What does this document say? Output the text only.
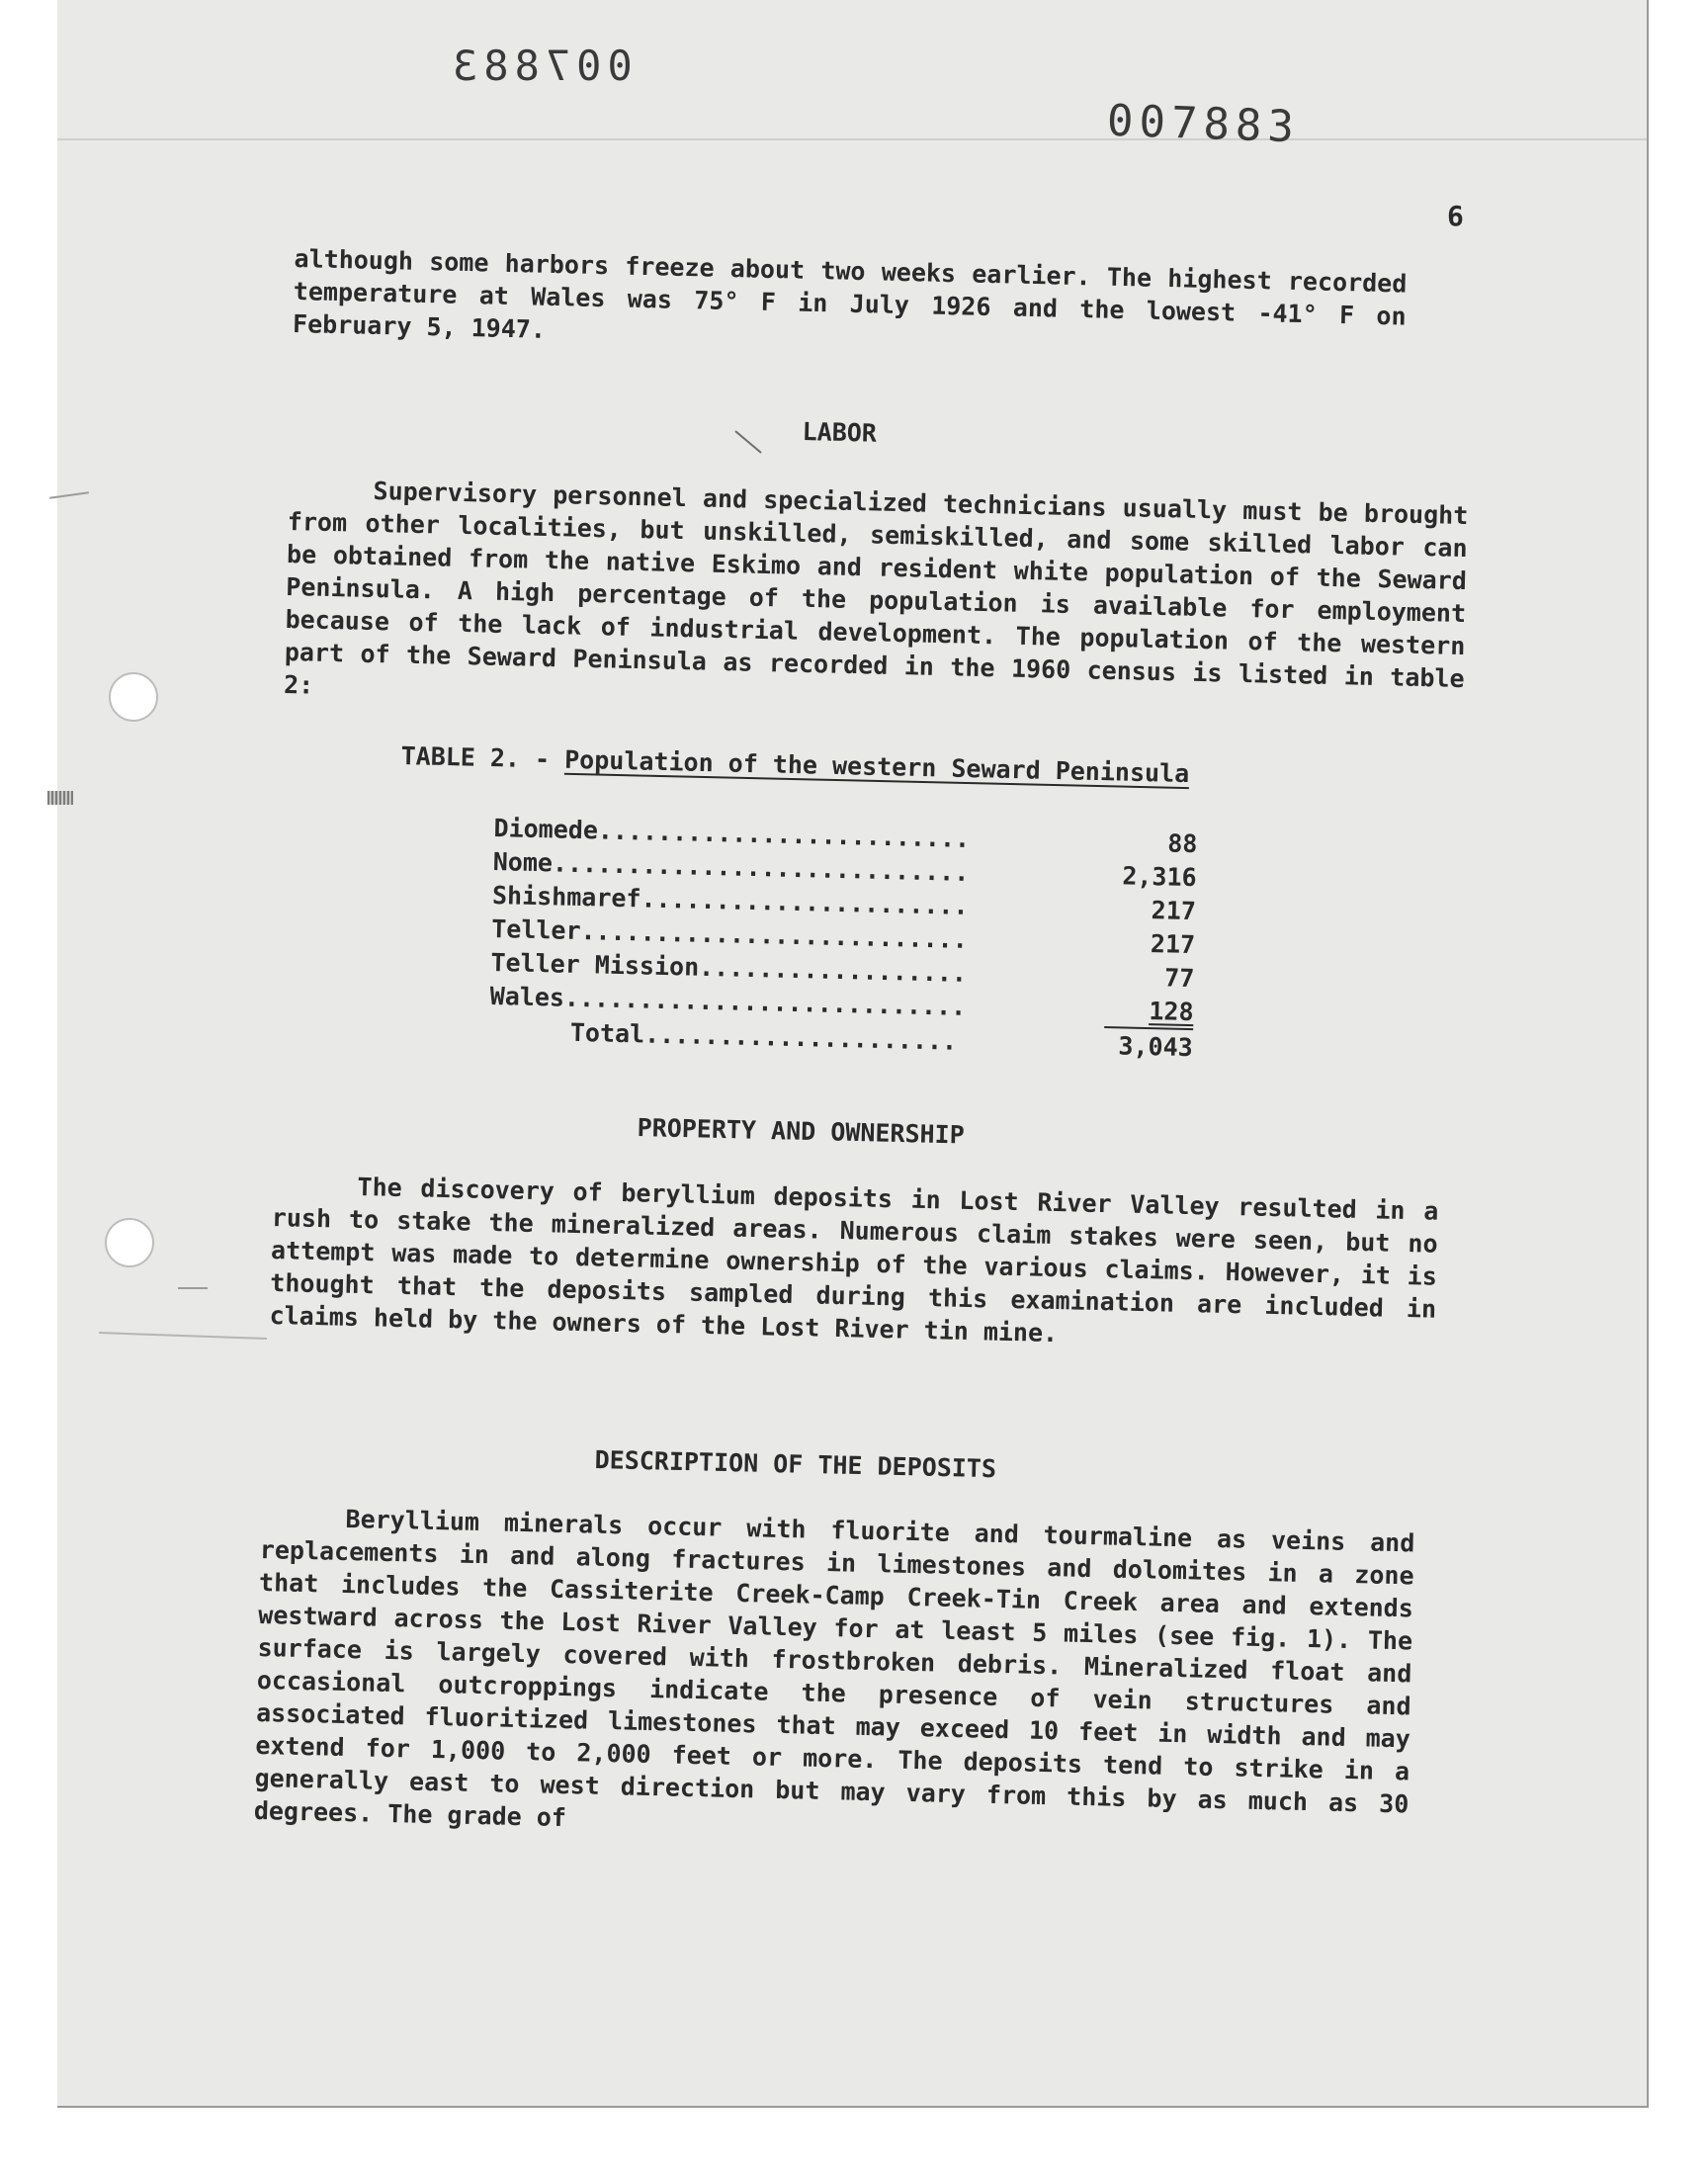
007883
007883
6

although some harbors freeze about two weeks earlier. The highest recorded temperature at Wales was 75° F in July 1926 and the lowest -41° F on February 5, 1947.

LABOR

Supervisory personnel and specialized technicians usually must be brought from other localities, but unskilled, semiskilled, and some skilled labor can be obtained from the native Eskimo and resident white population of the Seward Peninsula. A high percentage of the population is available for employment because of the lack of industrial development. The population of the western part of the Seward Peninsula as recorded in the 1960 census is listed in table 2:

TABLE 2. - Population of the western Seward Peninsula
Diomede.........................	88
Nome............................	2,316
Shishmaref......................	217
Teller..........................	217
Teller Mission..................	77
Wales...........................	128
Total.....................	3,043
PROPERTY AND OWNERSHIP

The discovery of beryllium deposits in Lost River Valley resulted in a rush to stake the mineralized areas. Numerous claim stakes were seen, but no attempt was made to determine ownership of the various claims. However, it is thought that the deposits sampled during this examination are included in claims held by the owners of the Lost River tin mine.

DESCRIPTION OF THE DEPOSITS

Beryllium minerals occur with fluorite and tourmaline as veins and replacements in and along fractures in limestones and dolomites in a zone that includes the Cassiterite Creek-Camp Creek-Tin Creek area and extends westward across the Lost River Valley for at least 5 miles (see fig. 1). The surface is largely covered with frostbroken debris. Mineralized float and occasional outcroppings indicate the presence of vein structures and associated fluoritized limestones that may exceed 10 feet in width and may extend for 1,000 to 2,000 feet or more. The deposits tend to strike in a generally east to west direction but may vary from this by as much as 30 degrees. The grade of
